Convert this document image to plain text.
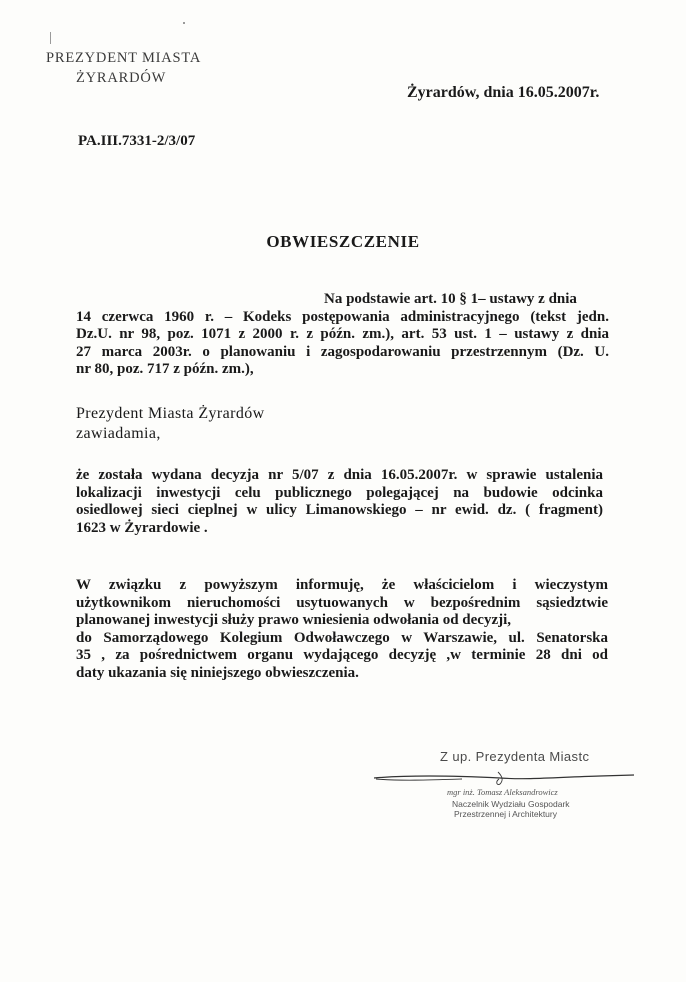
PREZYDENT MIASTA
ŻYRARDÓW
Żyrardów, dnia 16.05.2007r.
PA.III.7331-2/3/07
OBWIESZCZENIE
Na podstawie art. 10 § 1– ustawy z dnia
14 czerwca 1960 r. – Kodeks postępowania administracyjnego (tekst jedn.
Dz.U. nr 98, poz. 1071 z 2000 r. z późn. zm.), art. 53 ust. 1 – ustawy z dnia
27 marca 2003r. o planowaniu i zagospodarowaniu przestrzennym (Dz. U.
nr 80, poz. 717 z późn. zm.),
Prezydent Miasta Żyrardów
zawiadamia,
że została wydana decyzja nr 5/07 z dnia 16.05.2007r. w sprawie ustalenia
lokalizacji inwestycji celu publicznego polegającej na budowie odcinka
osiedlowej sieci cieplnej w ulicy Limanowskiego – nr ewid. dz. ( fragment)
1623 w Żyrardowie .
W związku z powyższym informuję, że właścicielom i wieczystym
użytkownikom nieruchomości usytuowanych w bezpośrednim sąsiedztwie
planowanej inwestycji służy prawo wniesienia odwołania od decyzji,
do Samorządowego Kolegium Odwoławczego w Warszawie, ul. Senatorska
35 , za pośrednictwem organu wydającego decyzję ,w terminie 28 dni od
daty ukazania się niniejszego obwieszczenia.
Z up. Prezydenta Miastc
mgr inż. Tomasz Aleksandrowicz
Naczelnik Wydziału Gospodark
Przestrzennej i Architektury
